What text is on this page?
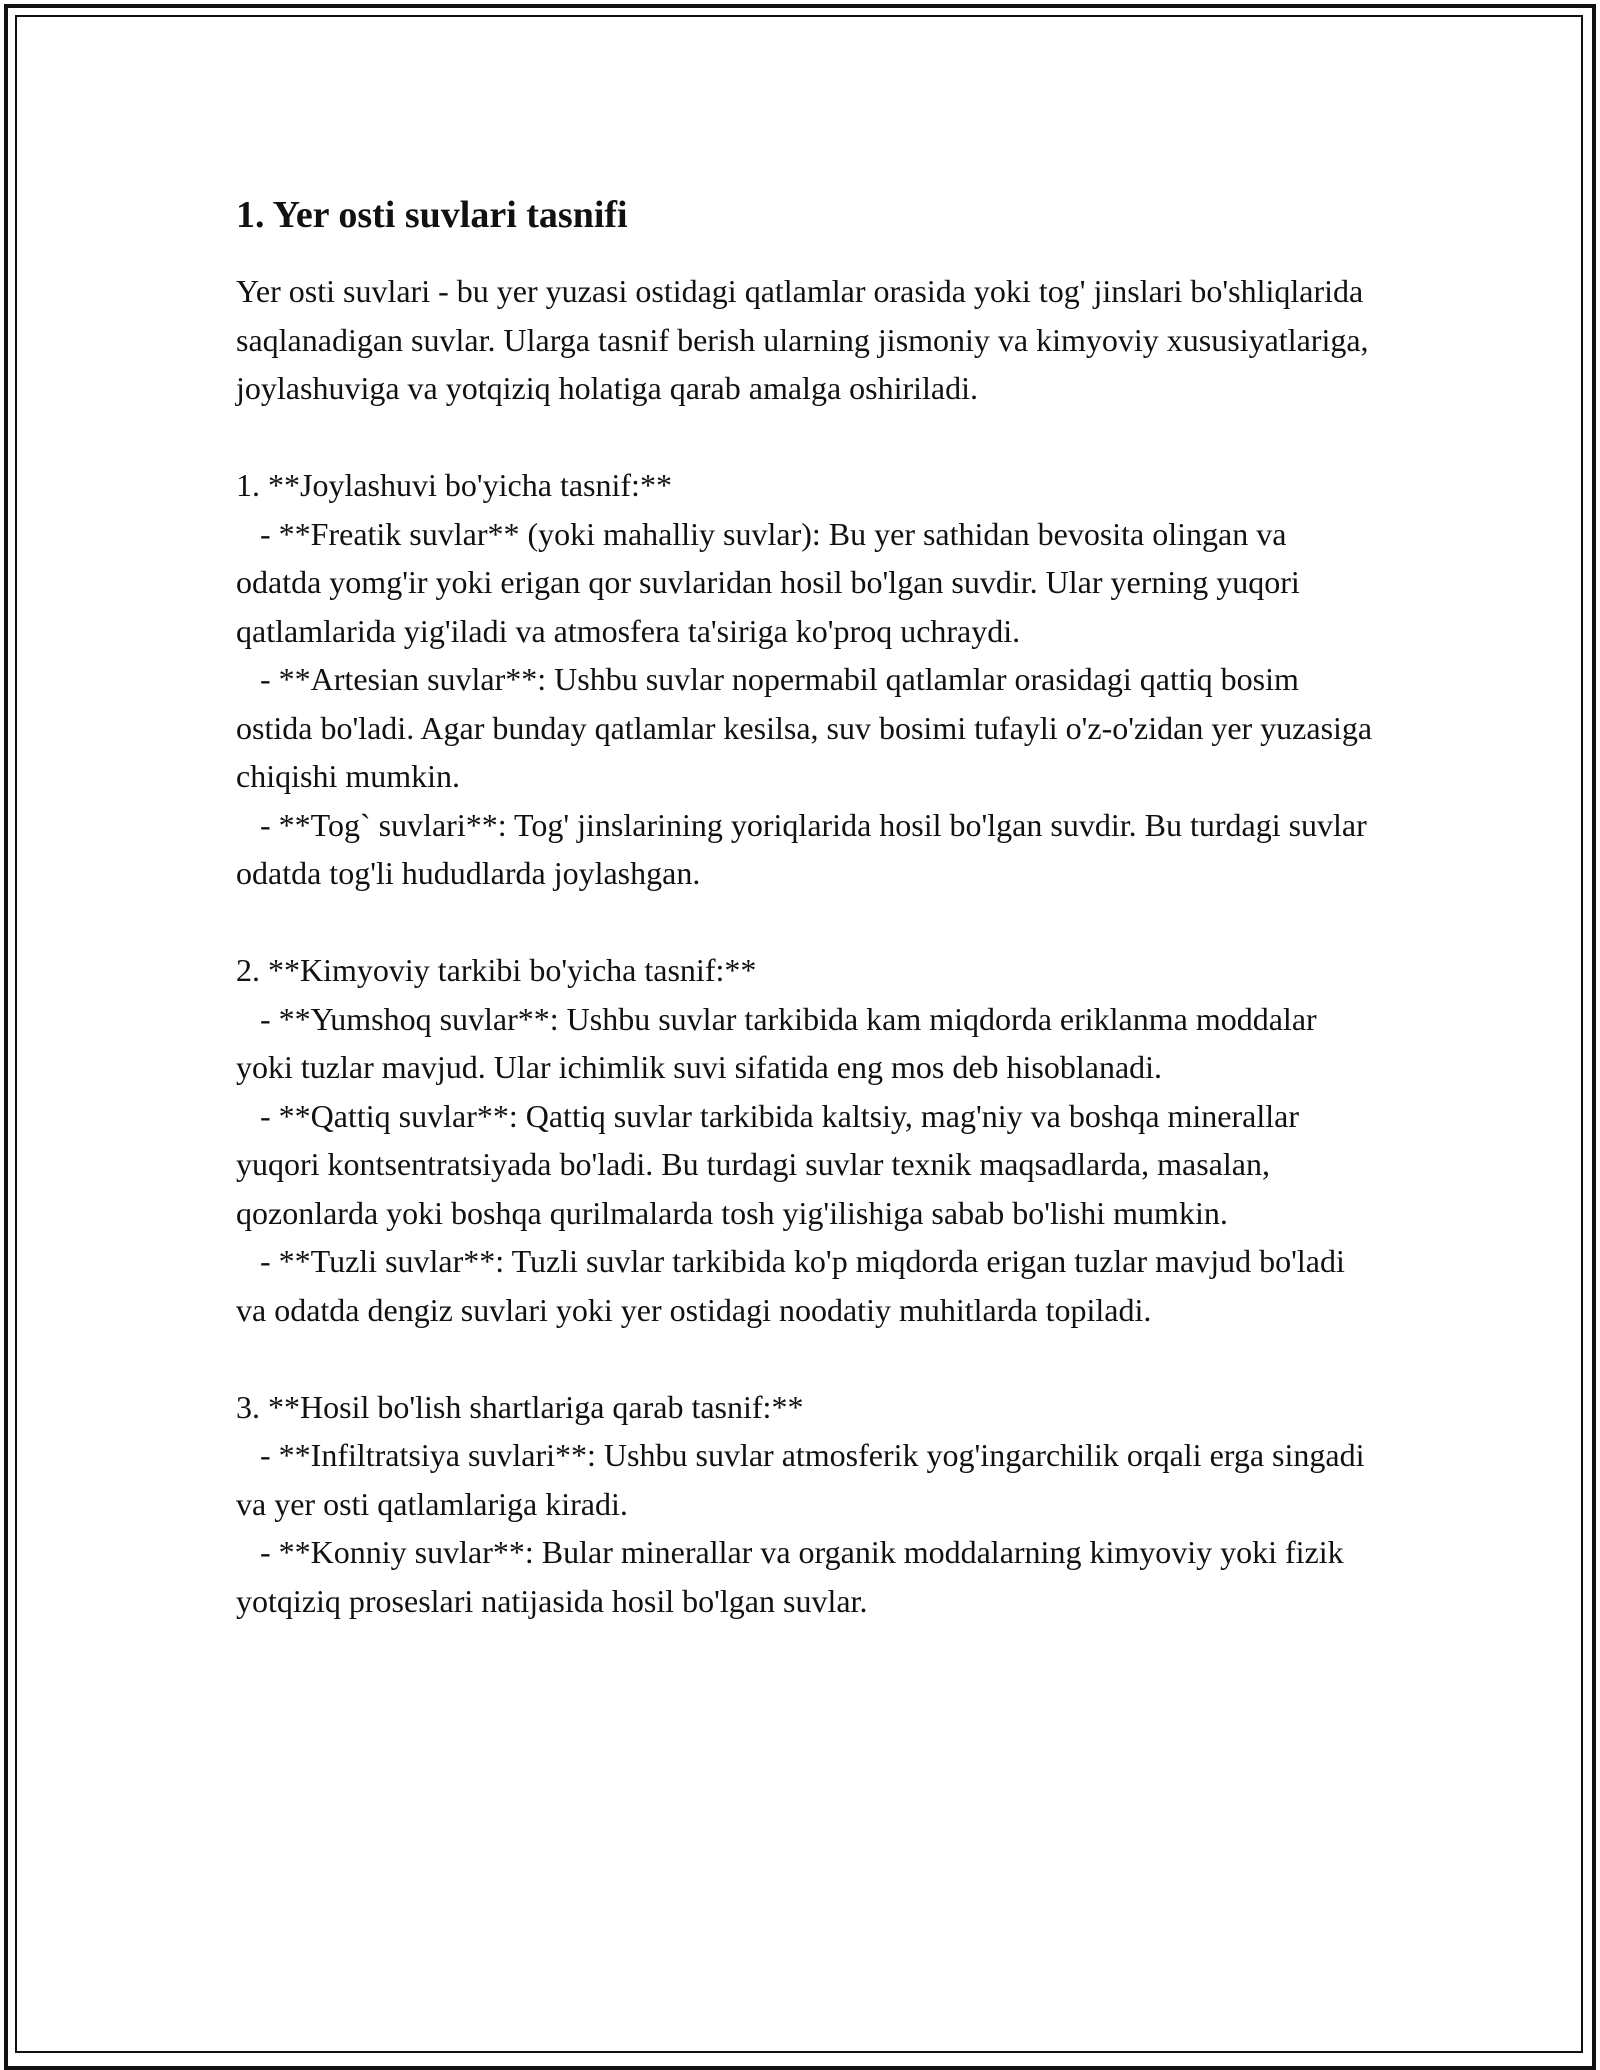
1. Yer osti suvlari tasnifi

Yer osti suvlari - bu yer yuzasi ostidagi qatlamlar orasida yoki tog' jinslari bo'shliqlarida saqlanadigan suvlar. Ularga tasnif berish ularning jismoniy va kimyoviy xususiyatlariga, joylashuviga va yotqiziq holatiga qarab amalga oshiriladi.

1. **Joylashuvi bo'yicha tasnif:**

- **Freatik suvlar** (yoki mahalliy suvlar): Bu yer sathidan bevosita olingan va odatda yomg'ir yoki erigan qor suvlaridan hosil bo'lgan suvdir. Ular yerning yuqori qatlamlarida yig'iladi va atmosfera ta'siriga ko'proq uchraydi.

- **Artesian suvlar**: Ushbu suvlar nopermabil qatlamlar orasidagi qattiq bosim ostida bo'ladi. Agar bunday qatlamlar kesilsa, suv bosimi tufayli o'z-o'zidan yer yuzasiga chiqishi mumkin.

- **Tog` suvlari**: Tog' jinslarining yoriqlarida hosil bo'lgan suvdir. Bu turdagi suvlar odatda tog'li hududlarda joylashgan.

2. **Kimyoviy tarkibi bo'yicha tasnif:**

- **Yumshoq suvlar**: Ushbu suvlar tarkibida kam miqdorda eriklanma moddalar yoki tuzlar mavjud. Ular ichimlik suvi sifatida eng mos deb hisoblanadi.

- **Qattiq suvlar**: Qattiq suvlar tarkibida kaltsiy, mag'niy va boshqa minerallar yuqori kontsentratsiyada bo'ladi. Bu turdagi suvlar texnik maqsadlarda, masalan, qozonlarda yoki boshqa qurilmalarda tosh yig'ilishiga sabab bo'lishi mumkin.

- **Tuzli suvlar**: Tuzli suvlar tarkibida ko'p miqdorda erigan tuzlar mavjud bo'ladi va odatda dengiz suvlari yoki yer ostidagi noodatiy muhitlarda topiladi.

3. **Hosil bo'lish shartlariga qarab tasnif:**

- **Infiltratsiya suvlari**: Ushbu suvlar atmosferik yog'ingarchilik orqali erga singadi va yer osti qatlamlariga kiradi.

- **Konniy suvlar**: Bular minerallar va organik moddalarning kimyoviy yoki fizik yotqiziq proseslari natijasida hosil bo'lgan suvlar.
